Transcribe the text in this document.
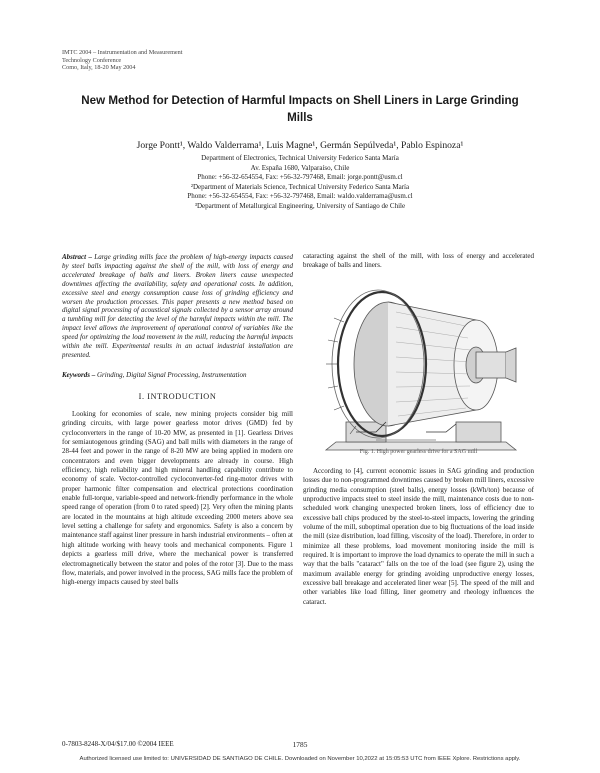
IMTC 2004 – Instrumentation and Measurement
Technology Conference
Como, Italy, 18-20 May 2004
New Method for Detection of Harmful Impacts on Shell Liners in Large Grinding Mills
Jorge Pontt¹, Waldo Valderrama¹, Luis Magne¹, Germán Sepúlveda¹, Pablo Espinoza¹
Department of Electronics, Technical University Federico Santa María
Av. España 1680, Valparaíso, Chile
Phone: +56-32-654554, Fax: +56-32-797468, Email: jorge.pontt@usm.cl
²Department of Materials Science, Technical University Federico Santa María
Phone: +56-32-654554, Fax: +56-32-797468, Email: waldo.valderrama@usm.cl
³Department of Metallurgical Engineering, University of Santiago de Chile
Abstract – Large grinding mills face the problem of high-energy impacts caused by steel balls impacting against the shell of the mill, with loss of energy and accelerated breakage of balls and liners. Broken liners cause unexpected downtimes affecting the availability, safety and operational costs. In addition, excessive steel and energy consumption cause loss of grinding efficiency and worsen the production processes. This paper presents a new method based on digital signal processing of acoustical signals collected by a sensor array around a tumbling mill for detecting the level of the harmful impacts within the mill. The impact level allows the improvement of operational control of variables like the speed for optimizing the load movement in the mill, reducing the harmful impacts within the mill. Experimental results in an actual industrial installation are presented.
Keywords – Grinding, Digital Signal Processing, Instrumentation
I. INTRODUCTION

Looking for economies of scale, new mining projects consider big mill grinding circuits, with large power gearless motor drives (GMD) fed by cycloconverters in the range of 10-20 MW, as presented in [1]. Gearless Drives for semiautogenous grinding (SAG) and ball mills with diameters in the range of 28-44 feet and power in the range of 8-20 MW are being applied in modern ore concentrators and even bigger developments are already in course. High efficiency, high reliability and high mineral handling capability contribute to economy of scale. Vector-controlled cycloconverter-fed ring-motor drives with proper harmonic filter compensation and electrical protections coordination enable full-torque, variable-speed and network-friendly performance in the whole speed range of operation (from 0 to rated speed) [2]. Very often the mining plants are located in the mountains at high altitude exceeding 2000 meters above sea level setting a challenge for safety and ergonomics. Safety is also a concern by maintenance staff against liner pressure in harsh industrial environments – often at high altitude working with heavy tools and mechanical components. Figure 1 depicts a gearless mill drive, where the mechanical power is transferred electromagnetically between the stator and poles of the rotor [3]. Due to the mass flow, materials, and power involved in the process, SAG mills face the problem of high-energy impacts caused by steel balls

cataracting against the shell of the mill, with loss of energy and accelerated breakage of balls and liners.
Fig. 1. High power gearless drive for a SAG mill

According to [4], current economic issues in SAG grinding and production losses due to non-programmed downtimes caused by broken mill liners, excessive grinding media consumption (steel balls), energy losses (kWh/ton) because of unproductive impacts steel to steel inside the mill, maintenance costs due to non-scheduled work changing unexpected broken liners, loss of efficiency due to excessive ball chips produced by the steel-to-steel impacts, lowering the grinding volume of the mill, suboptimal operation due to big fluctuations of the load inside the mill (size distribution, load filling, viscosity of the load). Therefore, in order to minimize all these problems, load movement monitoring inside the mill is required. It is important to improve the load dynamics to operate the mill in such a way that the balls "cataract" falls on the toe of the load (see figure 2), using the maximum available energy for grinding avoiding unproductive energy losses, excessive ball breakage and accelerated liner wear [5]. The speed of the mill and other variables like load filling, liner geometry and rheology influences the cataract.

0-7803-8248-X/04/$17.00 ©2004 IEEE	1785
Authorized licensed use limited to: UNIVERSIDAD DE SANTIAGO DE CHILE. Downloaded on November 10,2022 at 15:05:53 UTC from IEEE Xplore. Restrictions apply.
